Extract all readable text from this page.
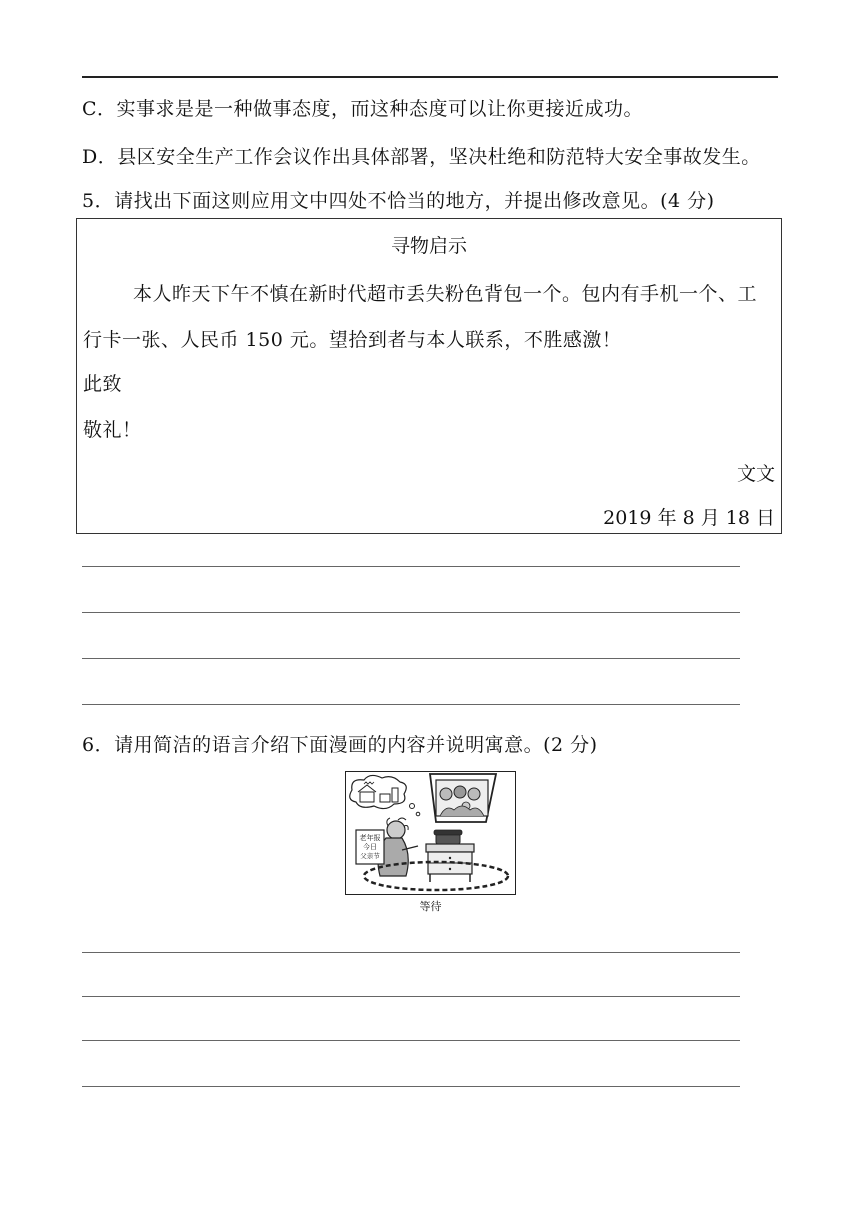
C．实事求是是一种做事态度，而这种态度可以让你更接近成功。
D．县区安全生产工作会议作出具体部署，坚决杜绝和防范特大安全事故发生。
5．请找出下面这则应用文中四处不恰当的地方，并提出修改意见。(4 分)
寻物启示
本人昨天下午不慎在新时代超市丢失粉色背包一个。包内有手机一个、工
行卡一张、人民币 150 元。望拾到者与本人联系，不胜感激！
此致
敬礼！
文文
2019 年 8 月 18 日
6．请用简洁的语言介绍下面漫画的内容并说明寓意。(2 分)
老年报
今日
父亲节
等待
